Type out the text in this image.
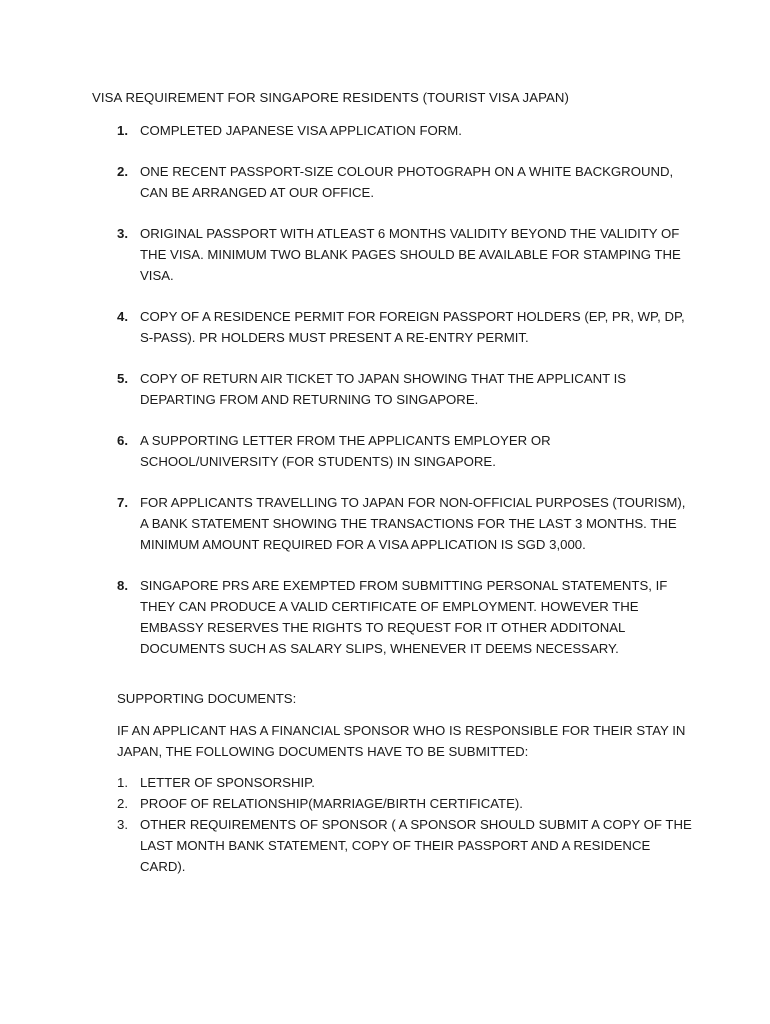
VISA REQUIREMENT FOR SINGAPORE RESIDENTS (TOURIST VISA JAPAN)
1. COMPLETED JAPANESE VISA APPLICATION FORM.
2. ONE RECENT PASSPORT-SIZE COLOUR PHOTOGRAPH ON A WHITE BACKGROUND, CAN BE ARRANGED AT OUR OFFICE.
3. ORIGINAL PASSPORT WITH ATLEAST 6 MONTHS VALIDITY BEYOND THE VALIDITY OF THE VISA. MINIMUM TWO BLANK PAGES SHOULD BE AVAILABLE FOR STAMPING THE VISA.
4. COPY OF A RESIDENCE PERMIT FOR FOREIGN PASSPORT HOLDERS (EP, PR, WP, DP, S-PASS). PR HOLDERS MUST PRESENT A RE-ENTRY PERMIT.
5. COPY OF RETURN AIR TICKET TO JAPAN SHOWING THAT THE APPLICANT IS DEPARTING FROM AND RETURNING TO SINGAPORE.
6. A SUPPORTING LETTER FROM THE APPLICANTS EMPLOYER OR SCHOOL/UNIVERSITY (FOR STUDENTS) IN SINGAPORE.
7. FOR APPLICANTS TRAVELLING TO JAPAN FOR NON-OFFICIAL PURPOSES (TOURISM), A BANK STATEMENT SHOWING THE TRANSACTIONS FOR THE LAST 3 MONTHS. THE MINIMUM AMOUNT REQUIRED FOR A VISA APPLICATION IS SGD 3,000.
8. SINGAPORE PRS ARE EXEMPTED FROM SUBMITTING PERSONAL STATEMENTS, IF THEY CAN PRODUCE A VALID CERTIFICATE OF EMPLOYMENT. HOWEVER THE EMBASSY RESERVES THE RIGHTS TO REQUEST FOR IT OTHER ADDITONAL DOCUMENTS SUCH AS SALARY SLIPS, WHENEVER IT DEEMS NECESSARY.
SUPPORTING DOCUMENTS:
IF AN APPLICANT HAS A FINANCIAL SPONSOR WHO IS RESPONSIBLE FOR THEIR STAY IN JAPAN, THE FOLLOWING DOCUMENTS HAVE TO BE SUBMITTED:
1. LETTER OF SPONSORSHIP.
2. PROOF OF RELATIONSHIP(MARRIAGE/BIRTH CERTIFICATE).
3. OTHER REQUIREMENTS OF SPONSOR ( A SPONSOR SHOULD SUBMIT A COPY OF THE LAST MONTH BANK STATEMENT, COPY OF THEIR PASSPORT AND A RESIDENCE CARD).
